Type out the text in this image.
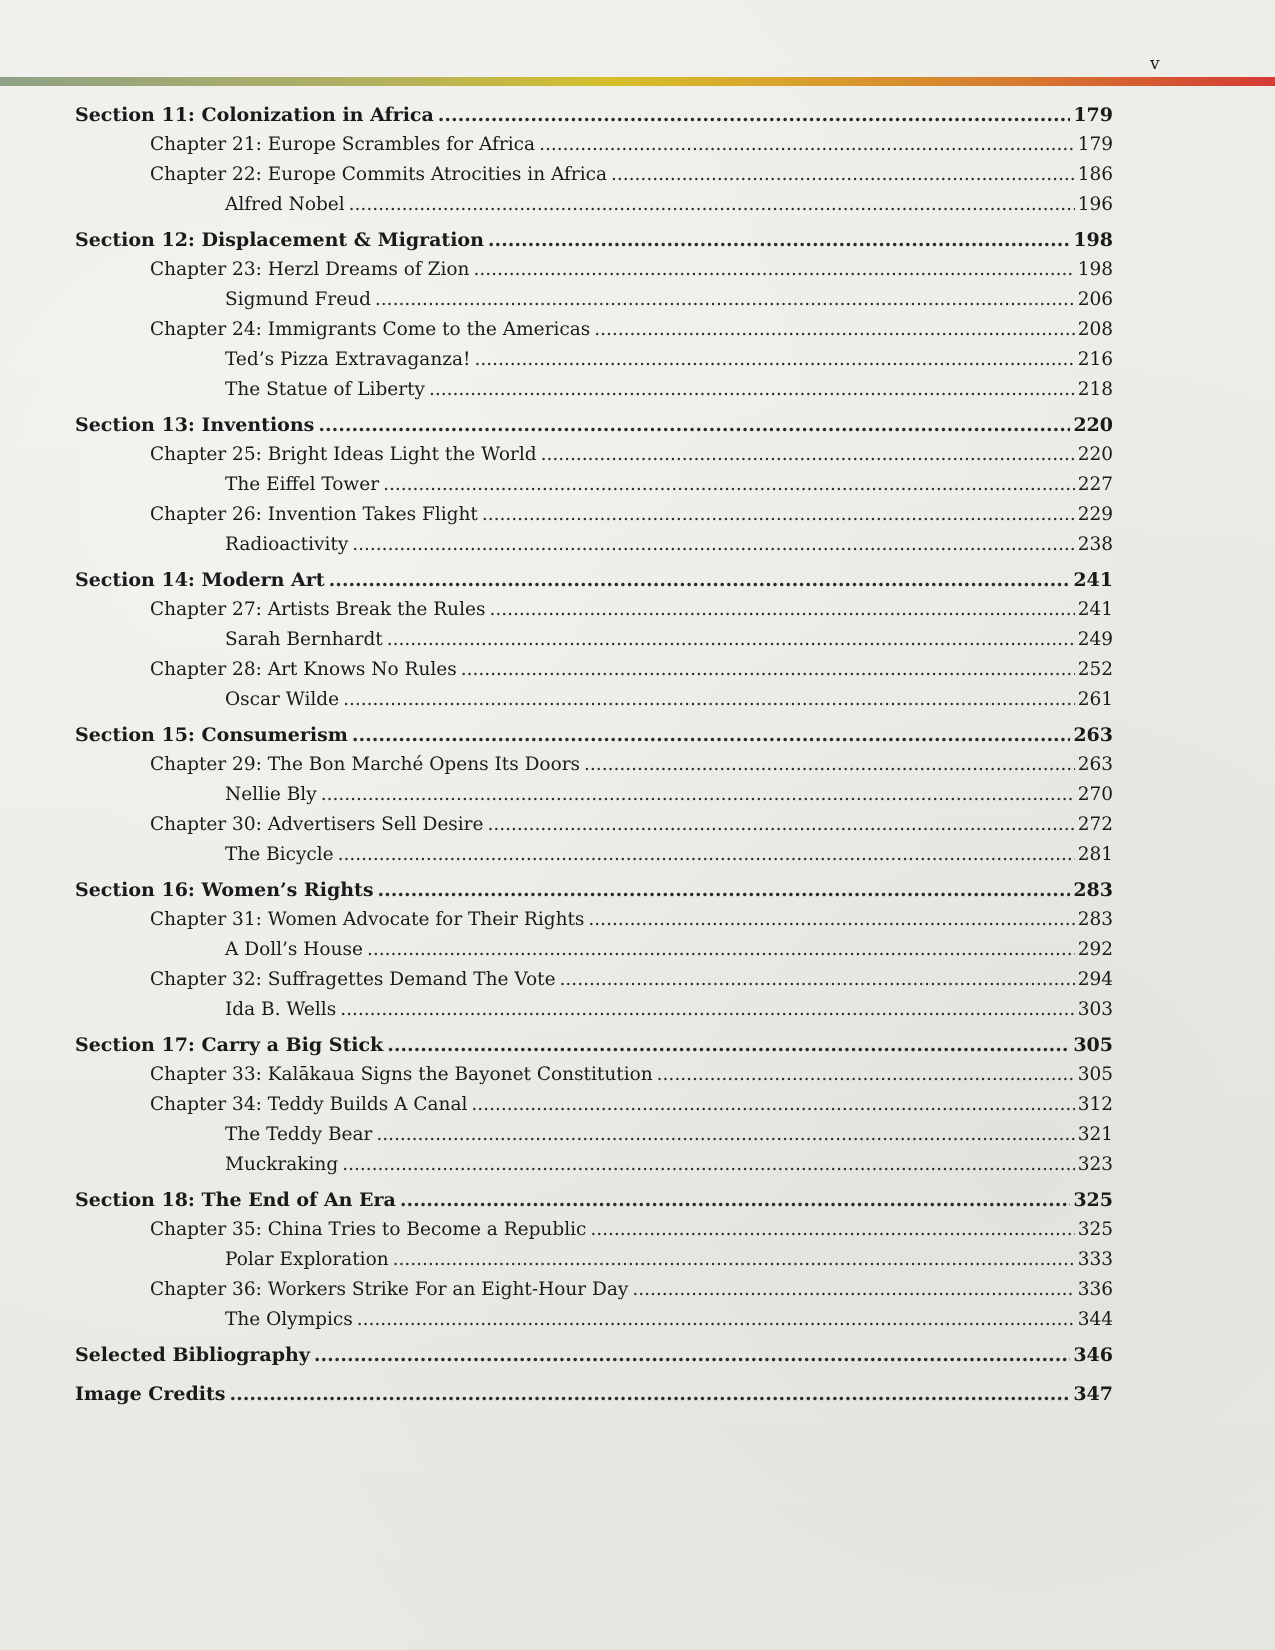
v
Section 11: Colonization in Africa .....	179
Chapter 21: Europe Scrambles for Africa .....	179
Chapter 22: Europe Commits Atrocities in Africa .....	186
Alfred Nobel .....	196
Section 12: Displacement & Migration .....	198
Chapter 23: Herzl Dreams of Zion .....	198
Sigmund Freud .....	206
Chapter 24: Immigrants Come to the Americas .....	208
Ted’s Pizza Extravaganza! .....	216
The Statue of Liberty .....	218
Section 13: Inventions .....	220
Chapter 25: Bright Ideas Light the World .....	220
The Eiffel Tower .....	227
Chapter 26: Invention Takes Flight .....	229
Radioactivity .....	238
Section 14: Modern Art .....	241
Chapter 27: Artists Break the Rules .....	241
Sarah Bernhardt .....	249
Chapter 28: Art Knows No Rules .....	252
Oscar Wilde .....	261
Section 15: Consumerism .....	263
Chapter 29: The Bon Marché Opens Its Doors .....	263
Nellie Bly .....	270
Chapter 30: Advertisers Sell Desire .....	272
The Bicycle .....	281
Section 16: Women’s Rights .....	283
Chapter 31: Women Advocate for Their Rights .....	283
A Doll’s House .....	292
Chapter 32: Suffragettes Demand The Vote .....	294
Ida B. Wells .....	303
Section 17: Carry a Big Stick .....	305
Chapter 33: Kalākaua Signs the Bayonet Constitution .....	305
Chapter 34: Teddy Builds A Canal .....	312
The Teddy Bear .....	321
Muckraking .....	323
Section 18: The End of An Era .....	325
Chapter 35: China Tries to Become a Republic .....	325
Polar Exploration .....	333
Chapter 36: Workers Strike For an Eight-Hour Day .....	336
The Olympics .....	344
Selected Bibliography .....	346
Image Credits .....	347
